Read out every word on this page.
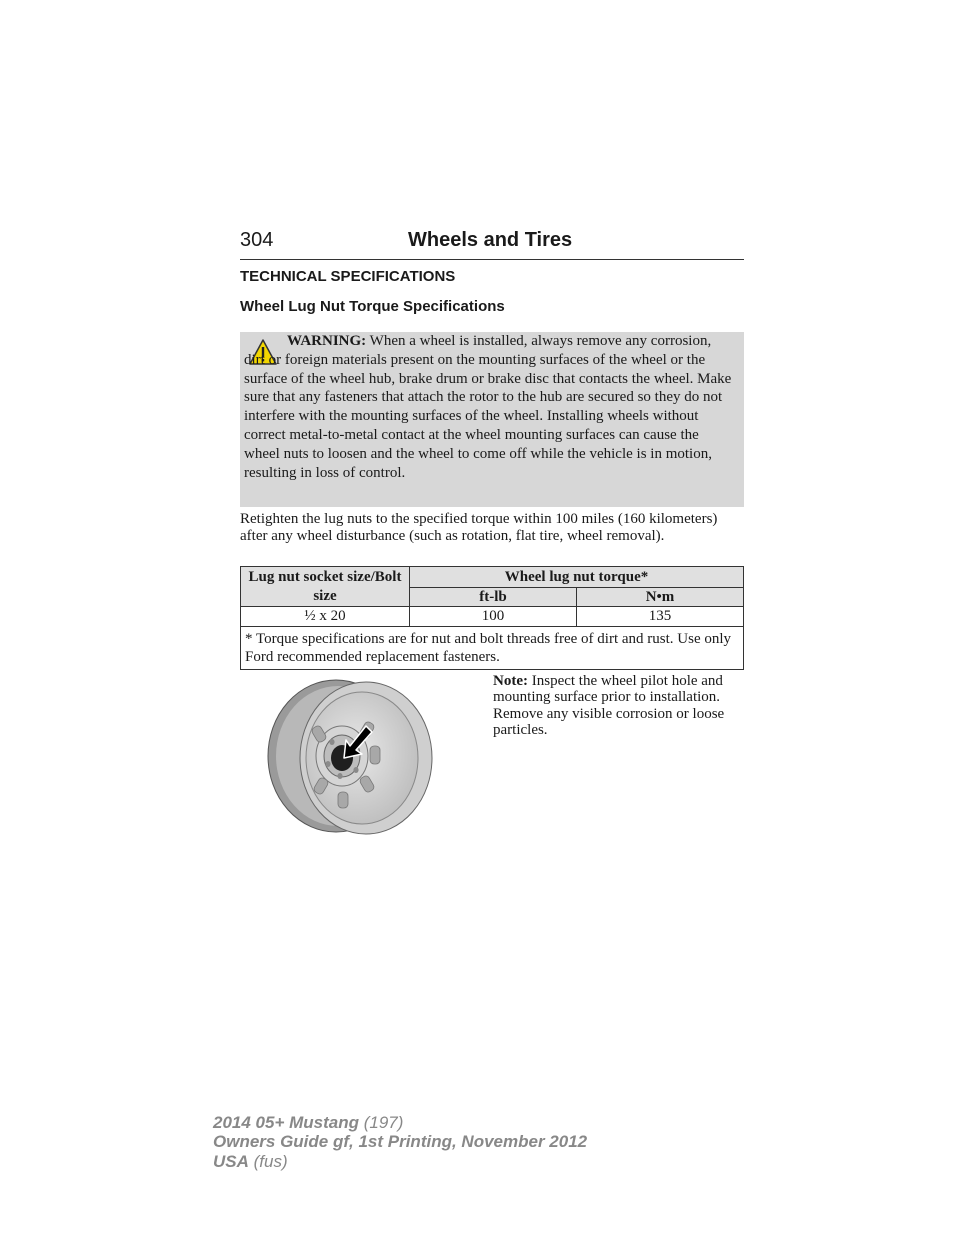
304	Wheels and Tires
TECHNICAL SPECIFICATIONS
Wheel Lug Nut Torque Specifications

WARNING: When a wheel is installed, always remove any corrosion, dirt or foreign materials present on the mounting surfaces of the wheel or the surface of the wheel hub, brake drum or brake disc that contacts the wheel. Make sure that any fasteners that attach the rotor to the hub are secured so they do not interfere with the mounting surfaces of the wheel. Installing wheels without correct metal-to-metal contact at the wheel mounting surfaces can cause the wheel nuts to loosen and the wheel to come off while the vehicle is in motion, resulting in loss of control.

Retighten the lug nuts to the specified torque within 100 miles (160 kilometers) after any wheel disturbance (such as rotation, flat tire, wheel removal).

Lug nut socket size/Bolt size	Wheel lug nut torque*	
	ft-lb	N•m
½ x 20	100	135
* Torque specifications are for nut and bolt threads free of dirt and rust. Use only Ford recommended replacement fasteners.		

Note: Inspect the wheel pilot hole and mounting surface prior to installation. Remove any visible corrosion or loose particles.

2014 05+ Mustang (197)
Owners Guide gf, 1st Printing, November 2012
USA (fus)
